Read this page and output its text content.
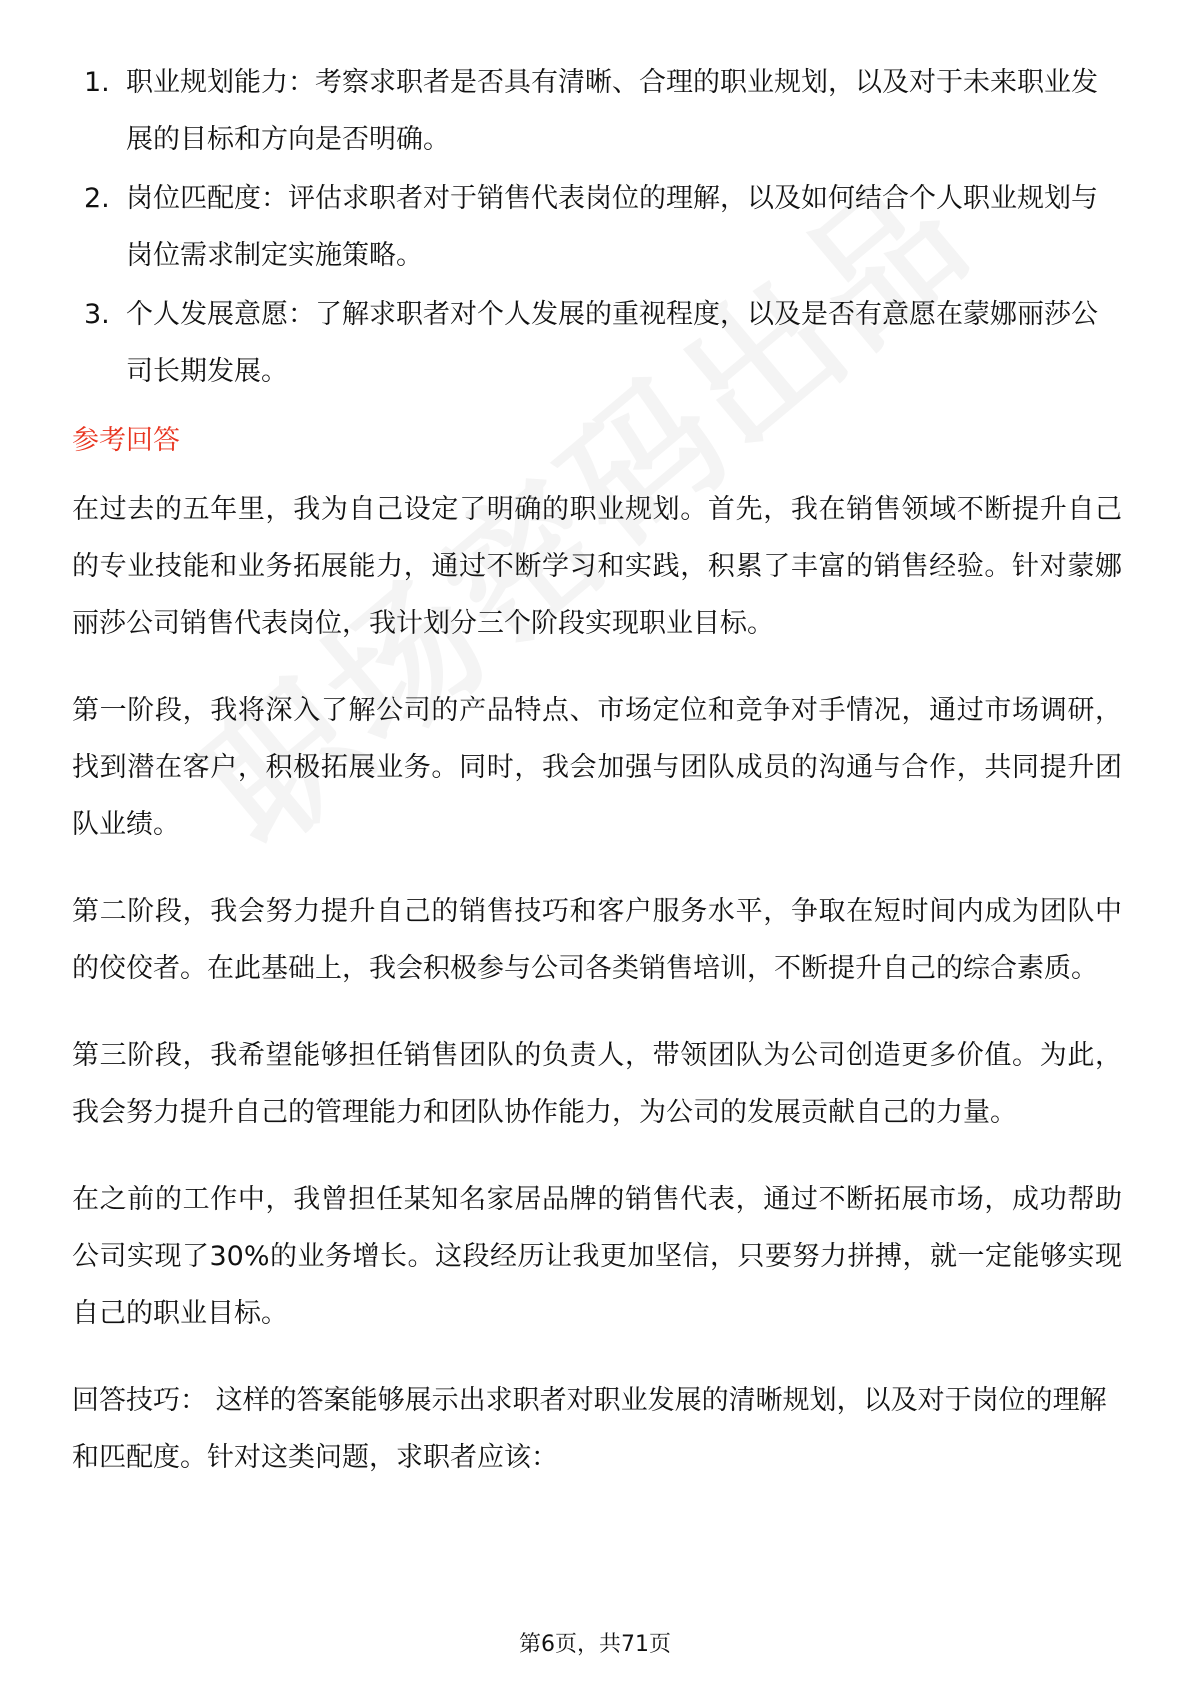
1. 职业规划能力：考察求职者是否具有清晰、合理的职业规划，以及对于未来职业发展的目标和方向是否明确。
2. 岗位匹配度：评估求职者对于销售代表岗位的理解，以及如何结合个人职业规划与岗位需求制定实施策略。
3. 个人发展意愿：了解求职者对个人发展的重视程度，以及是否有意愿在蒙娜丽莎公司长期发展。
参考回答

在过去的五年里，我为自己设定了明确的职业规划。首先，我在销售领域不断提升自己的专业技能和业务拓展能力，通过不断学习和实践，积累了丰富的销售经验。针对蒙娜丽莎公司销售代表岗位，我计划分三个阶段实现职业目标。

第一阶段，我将深入了解公司的产品特点、市场定位和竞争对手情况，通过市场调研，找到潜在客户，积极拓展业务。同时，我会加强与团队成员的沟通与合作，共同提升团队业绩。

第二阶段，我会努力提升自己的销售技巧和客户服务水平，争取在短时间内成为团队中的佼佼者。在此基础上，我会积极参与公司各类销售培训，不断提升自己的综合素质。

第三阶段，我希望能够担任销售团队的负责人，带领团队为公司创造更多价值。为此，我会努力提升自己的管理能力和团队协作能力，为公司的发展贡献自己的力量。

在之前的工作中，我曾担任某知名家居品牌的销售代表，通过不断拓展市场，成功帮助公司实现了30%的业务增长。这段经历让我更加坚信，只要努力拼搏，就一定能够实现自己的职业目标。

回答技巧： 这样的答案能够展示出求职者对职业发展的清晰规划，以及对于岗位的理解和匹配度。针对这类问题，求职者应该：

第6页，共71页
